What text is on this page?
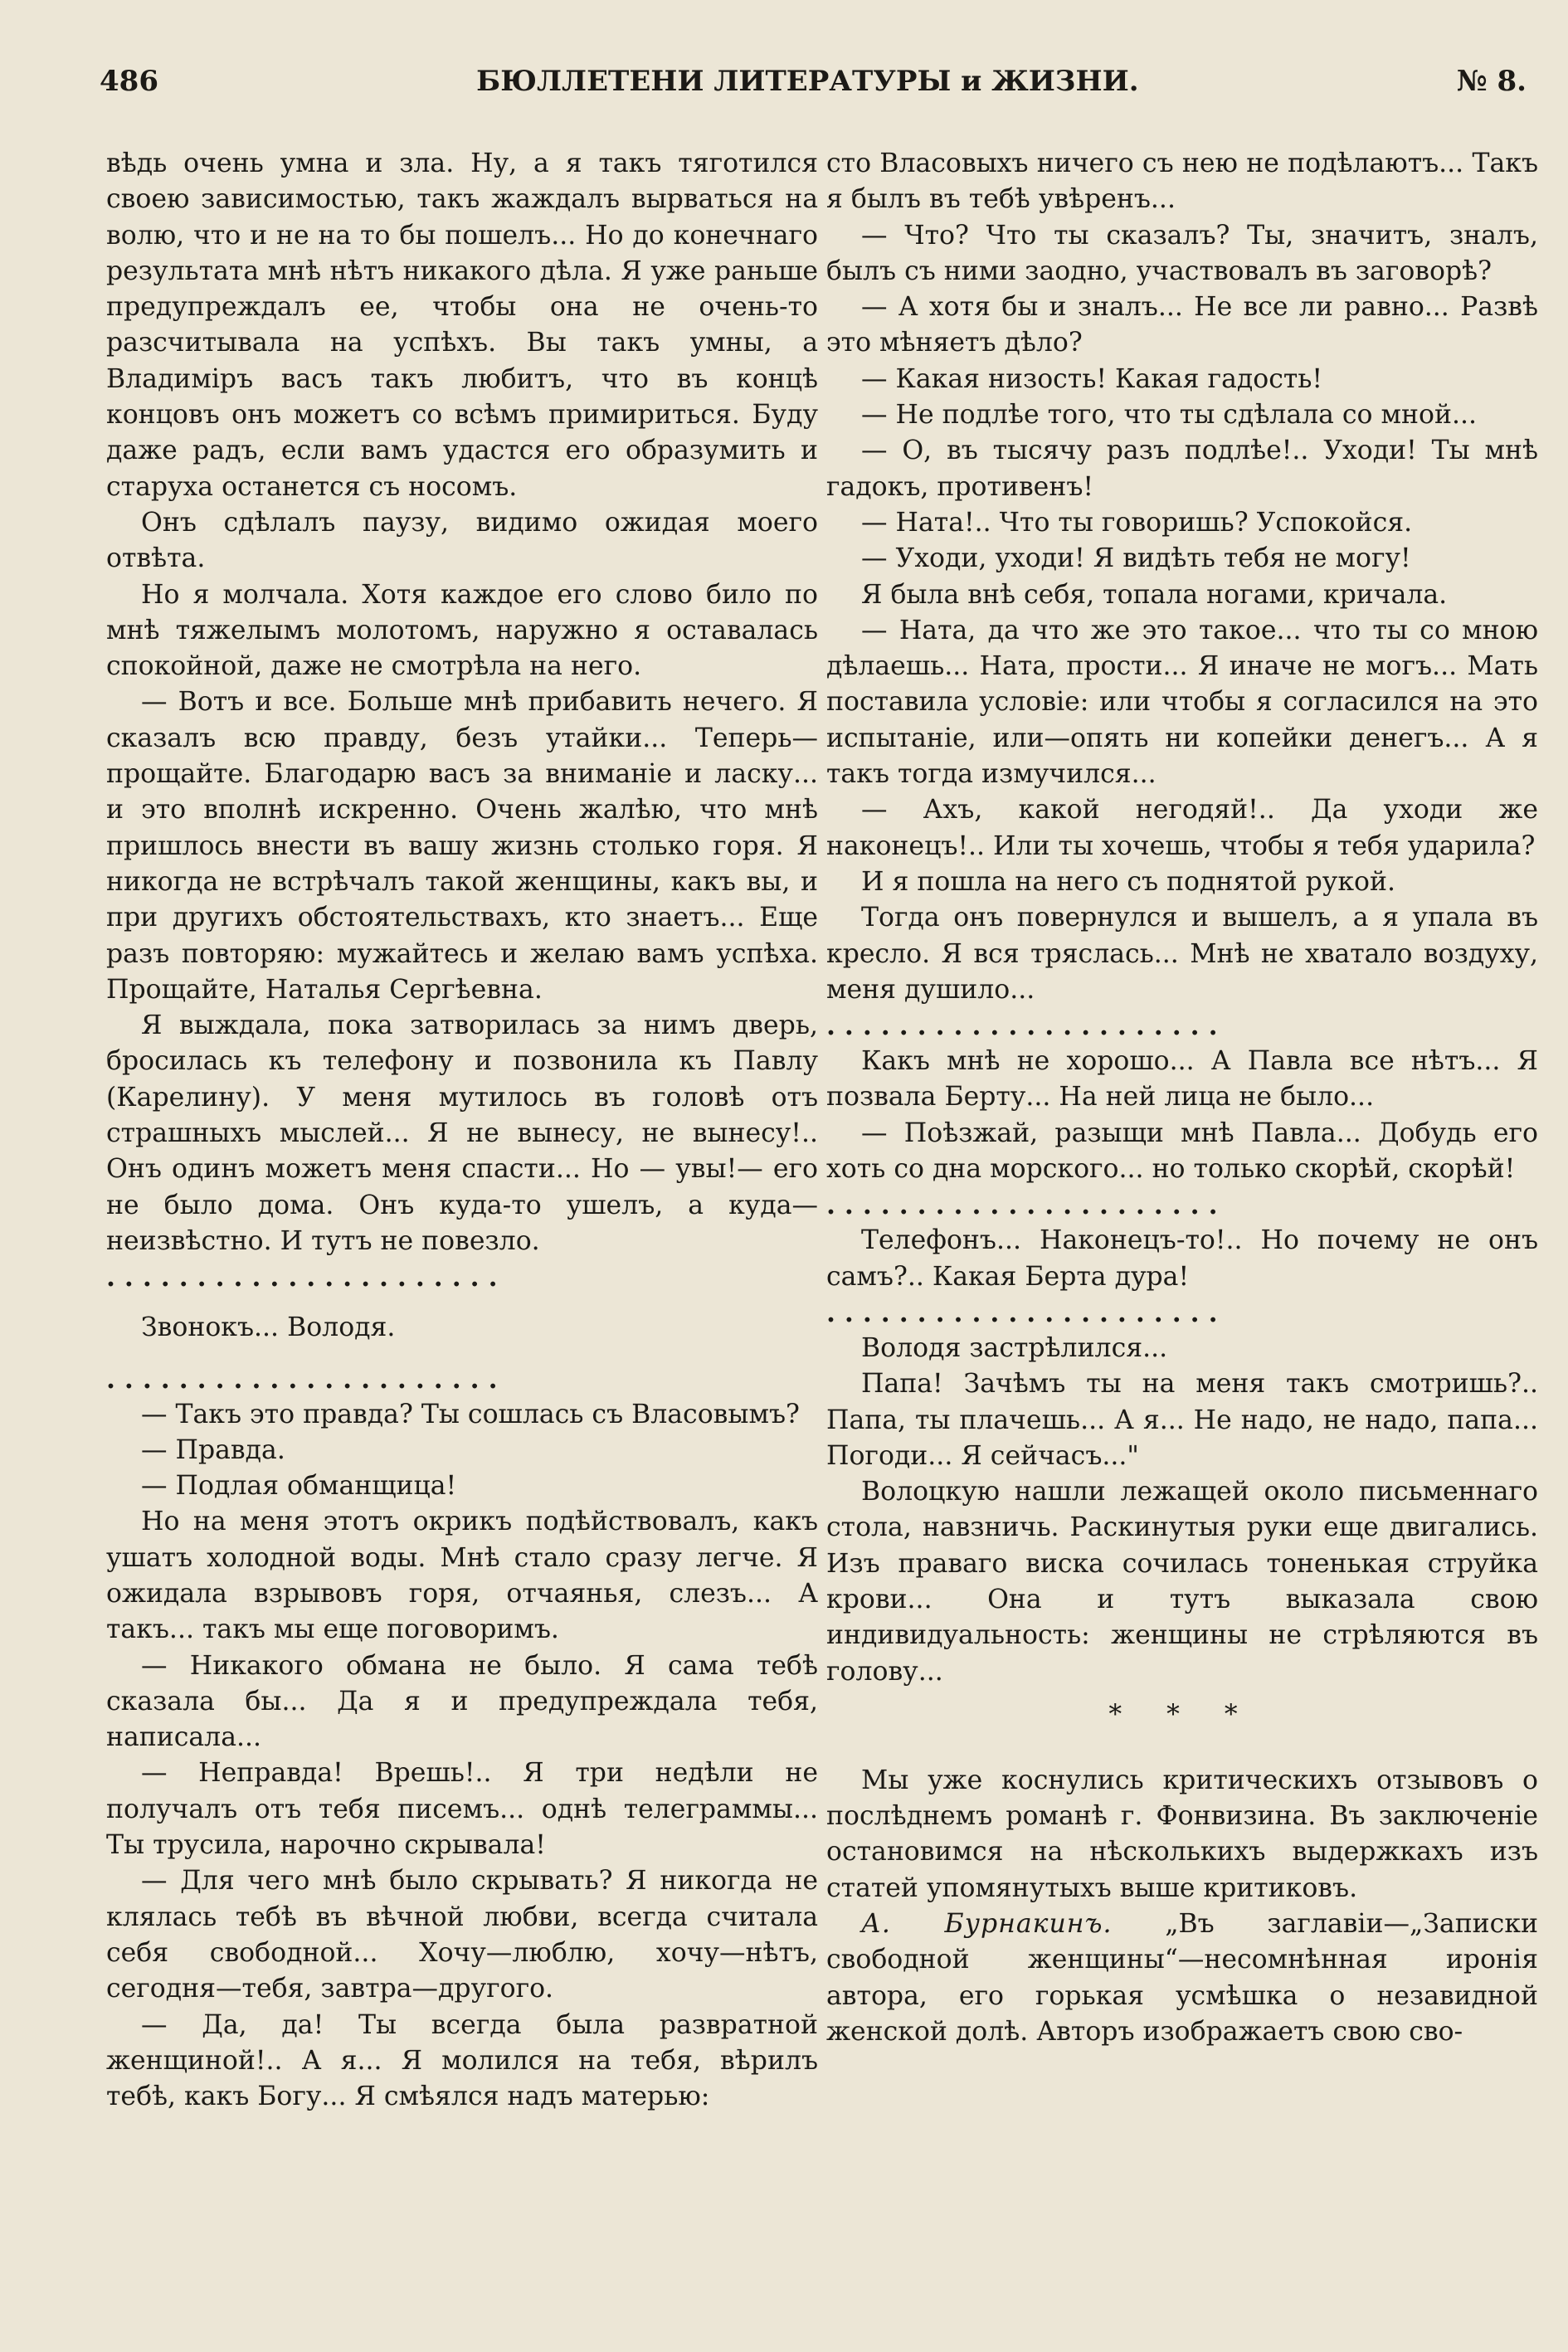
486	БЮЛЛЕТЕНИ ЛИТЕРАТУРЫ и ЖИЗНИ.	№ 8.

вѣдь очень умна и зла. Ну, а я такъ тяготился своею зависимостью, такъ жаждалъ вырваться на волю, что и не на то бы пошелъ... Но до конечнаго результата мнѣ нѣтъ никакого дѣла. Я уже раньше предупреждалъ ее, чтобы она не очень-то разсчитывала на успѣхъ. Вы такъ умны, а Владиміръ васъ такъ любитъ, что въ концѣ концовъ онъ можетъ со всѣмъ примириться. Буду даже радъ, если вамъ удастся его образумить и старуха останется съ носомъ.

Онъ сдѣлалъ паузу, видимо ожидая моего отвѣта.

Но я молчала. Хотя каждое его слово било по мнѣ тяжелымъ молотомъ, наружно я оставалась спокойной, даже не смотрѣла на него.

— Вотъ и все. Больше мнѣ прибавить нечего. Я сказалъ всю правду, безъ утайки... Теперь—прощайте. Благодарю васъ за вниманіе и ласку... и это вполнѣ искренно. Очень жалѣю, что мнѣ пришлось внести въ вашу жизнь столько горя. Я никогда не встрѣчалъ такой женщины, какъ вы, и при другихъ обстоятельствахъ, кто знаетъ... Еще разъ повторяю: мужайтесь и желаю вамъ успѣха. Прощайте, Наталья Сергѣевна.

Я выждала, пока затворилась за нимъ дверь, бросилась къ телефону и позвонила къ Павлу (Карелину). У меня мутилось въ головѣ отъ страшныхъ мыслей... Я не вынесу, не вынесу!.. Онъ одинъ можетъ меня спасти... Но — увы!— его не было дома. Онъ куда-то ушелъ, а куда—неизвѣстно. И тутъ не повезло.

. . . . . . . . . . . . . . . . . . . . . .

Звонокъ... Володя.

. . . . . . . . . . . . . . . . . . . . . .

— Такъ это правда? Ты сошлась съ Власовымъ?

— Правда.

— Подлая обманщица!

Но на меня этотъ окрикъ подѣйствовалъ, какъ ушатъ холодной воды. Мнѣ стало сразу легче. Я ожидала взрывовъ горя, отчаянья, слезъ... А такъ... такъ мы еще поговоримъ.

— Никакого обмана не было. Я сама тебѣ сказала бы... Да я и предупреждала тебя, написала...

— Неправда! Врешь!.. Я три недѣли не получалъ отъ тебя писемъ... однѣ телеграммы... Ты трусила, нарочно скрывала!

— Для чего мнѣ было скрывать? Я никогда не клялась тебѣ въ вѣчной любви, всегда считала себя свободной... Хочу—люблю, хочу—нѣтъ, сегодня—тебя, завтра—другого.

— Да, да! Ты всегда была развратной женщиной!.. А я... Я молился на тебя, вѣрилъ тебѣ, какъ Богу... Я смѣялся надъ матерью:

сто Власовыхъ ничего съ нею не подѣлаютъ... Такъ я былъ въ тебѣ увѣренъ...

— Что? Что ты сказалъ? Ты, значитъ, зналъ, былъ съ ними заодно, участвовалъ въ заговорѣ?

— А хотя бы и зналъ... Не все ли равно... Развѣ это мѣняетъ дѣло?

— Какая низость! Какая гадость!

— Не подлѣе того, что ты сдѣлала со мной...

— О, въ тысячу разъ подлѣе!.. Уходи! Ты мнѣ гадокъ, противенъ!

— Ната!.. Что ты говоришь? Успокойся.

— Уходи, уходи! Я видѣть тебя не могу!

Я была внѣ себя, топала ногами, кричала.

— Ната, да что же это такое... что ты со мною дѣлаешь... Ната, прости... Я иначе не могъ... Мать поставила условіе: или чтобы я согласился на это испытаніе, или—опять ни копейки денегъ... А я такъ тогда измучился...

— Ахъ, какой негодяй!.. Да уходи же наконецъ!.. Или ты хочешь, чтобы я тебя ударила?

И я пошла на него съ поднятой рукой.

Тогда онъ повернулся и вышелъ, а я упала въ кресло. Я вся тряслась... Мнѣ не хватало воздуху, меня душило...

. . . . . . . . . . . . . . . . . . . . . .

Какъ мнѣ не хорошо... А Павла все нѣтъ... Я позвала Берту... На ней лица не было...

— Поѣзжай, разыщи мнѣ Павла... Добудь его хоть со дна морского... но только скорѣй, скорѣй!

. . . . . . . . . . . . . . . . . . . . . .

Телефонъ... Наконецъ-то!.. Но почему не онъ самъ?.. Какая Берта дура!

. . . . . . . . . . . . . . . . . . . . . .

Володя застрѣлился...

Папа! Зачѣмъ ты на меня такъ смотришь?.. Папа, ты плачешь... А я... Не надо, не надо, папа... Погоди... Я сейчасъ..."

Волоцкую нашли лежащей около письменнаго стола, навзничь. Раскинутыя руки еще двигались. Изъ праваго виска сочилась тоненькая струйка крови... Она и тутъ выказала свою индивидуальность: женщины не стрѣляются въ голову...

* * *

Мы уже коснулись критическихъ отзывовъ о послѣднемъ романѣ г. Фонвизина. Въ заключеніе остановимся на нѣсколькихъ выдержкахъ изъ статей упомянутыхъ выше критиковъ.

А. Бурнакинъ. „Въ заглавіи—„Записки свободной женщины“—несомнѣнная иронія автора, его горькая усмѣшка о незавидной женской долѣ. Авторъ изображаетъ свою сво-
